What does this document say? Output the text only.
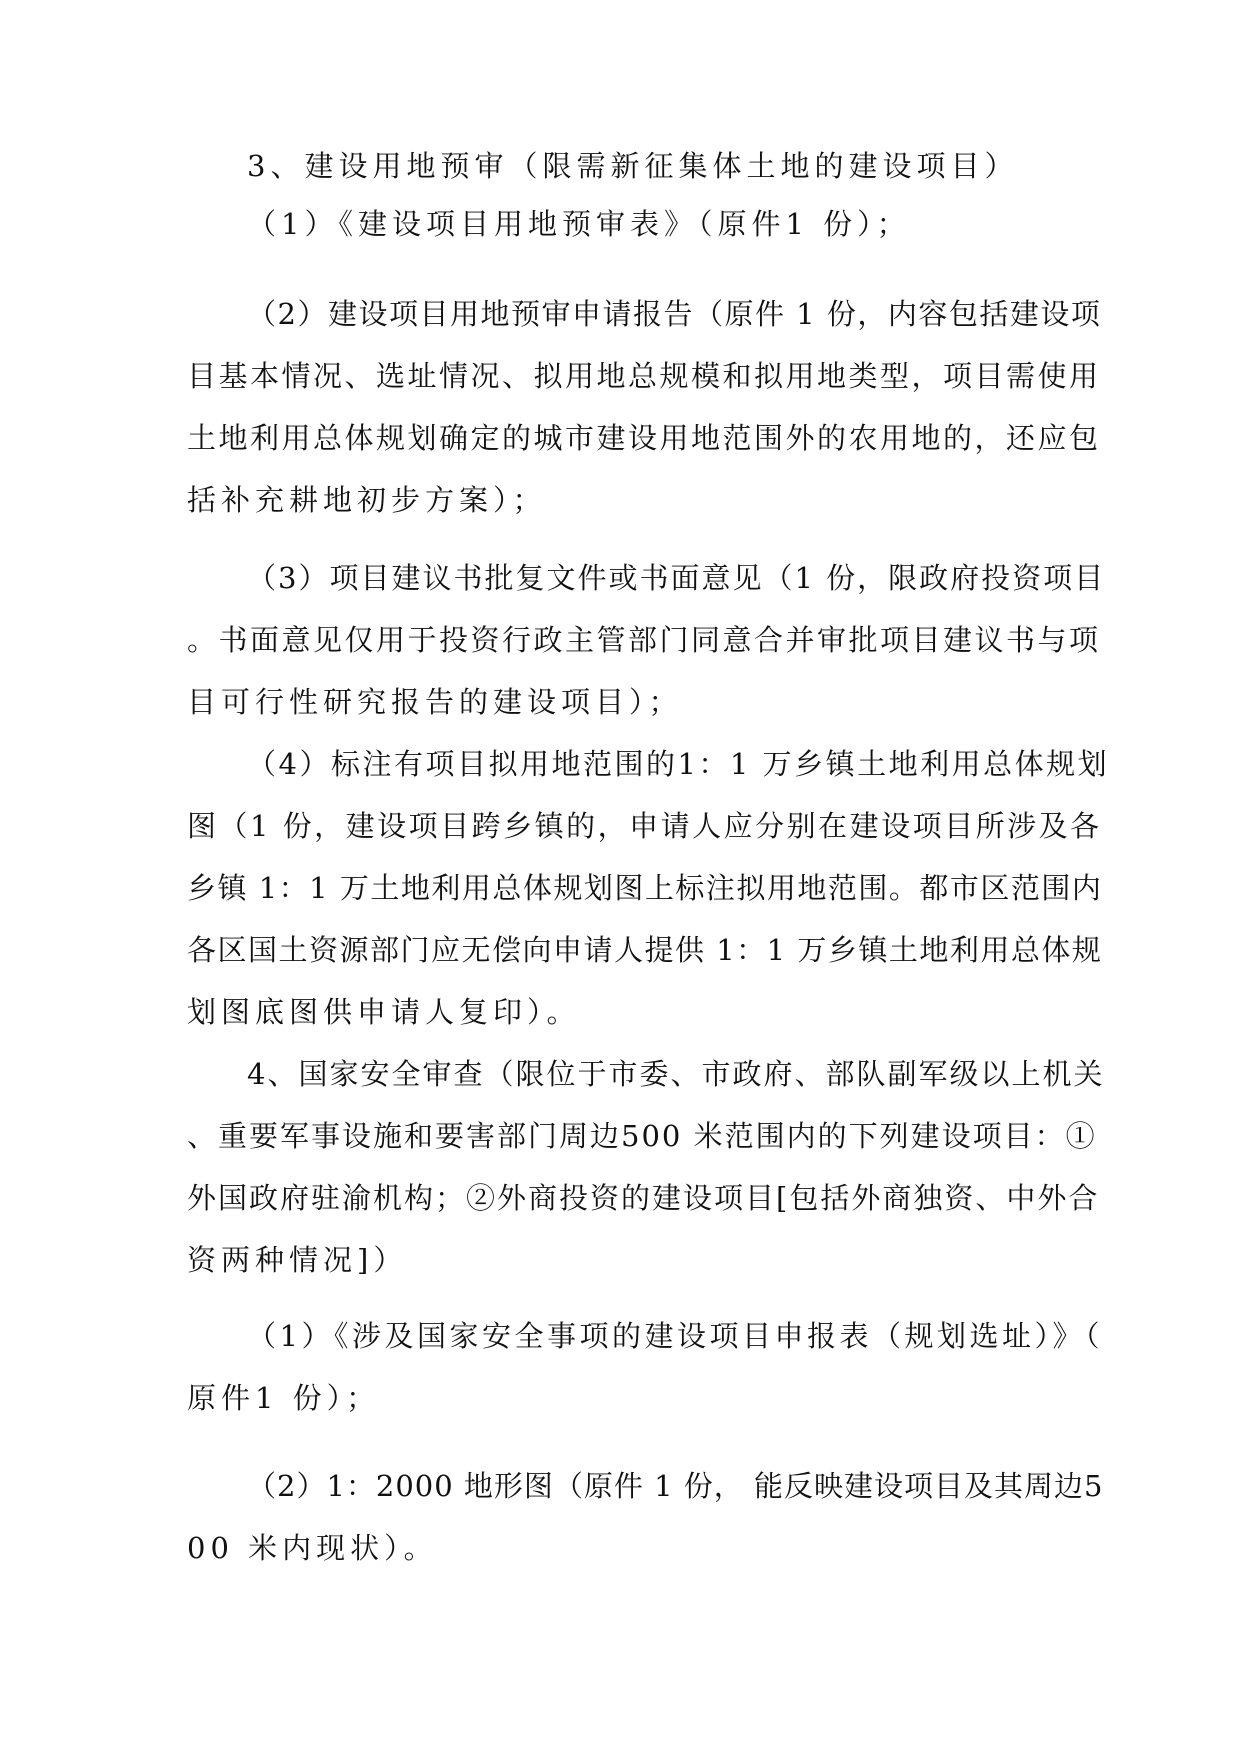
3、建设用地预审（限需新征集体土地的建设项目）
（1）《建设项目用地预审表》（原件1 份）；
（2）建设项目用地预审申请报告（原件 1 份，内容包括建设项
目基本情况、选址情况、拟用地总规模和拟用地类型，项目需使用
土地利用总体规划确定的城市建设用地范围外的农用地的，还应包
括补充耕地初步方案）；
（3）项目建议书批复文件或书面意见（1 份，限政府投资项目
。书面意见仅用于投资行政主管部门同意合并审批项目建议书与项
目可行性研究报告的建设项目）；
（4）标注有项目拟用地范围的1：1 万乡镇土地利用总体规划
图（1 份，建设项目跨乡镇的，申请人应分别在建设项目所涉及各
乡镇 1：1 万土地利用总体规划图上标注拟用地范围。都市区范围内
各区国土资源部门应无偿向申请人提供 1：1 万乡镇土地利用总体规
划图底图供申请人复印）。
4、国家安全审查（限位于市委、市政府、部队副军级以上机关
、重要军事设施和要害部门周边500 米范围内的下列建设项目：①
外国政府驻渝机构；②外商投资的建设项目[包括外商独资、中外合
资两种情况]）
（1）《涉及国家安全事项的建设项目申报表（规划选址）》（
原件1 份）；
（2）1：2000 地形图（原件 1 份， 能反映建设项目及其周边5
00 米内现状）。
